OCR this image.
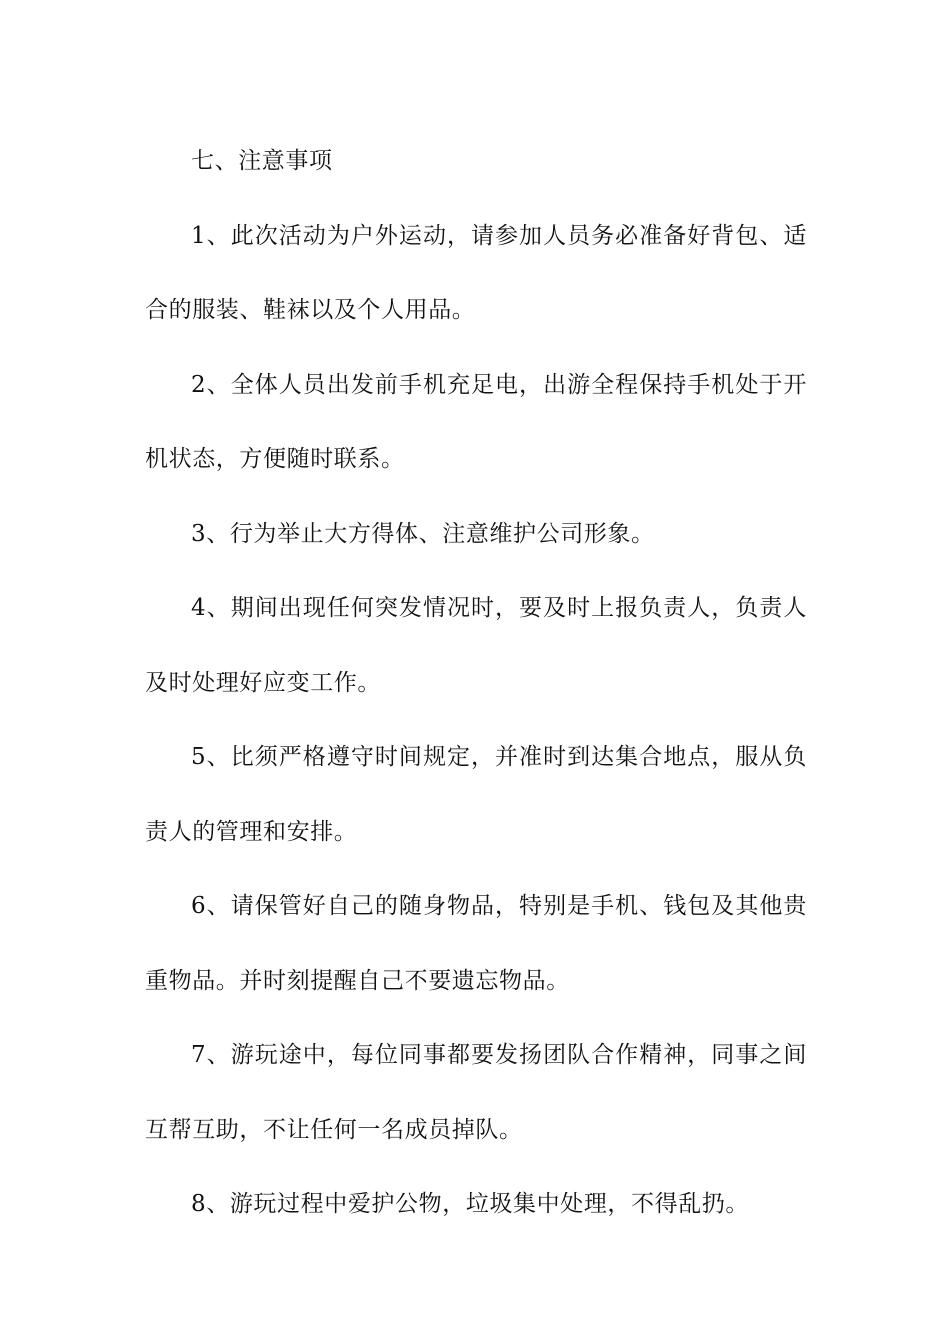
七、注意事项

1、此次活动为户外运动，请参加人员务必准备好背包、适合的服装、鞋袜以及个人用品。

2、全体人员出发前手机充足电，出游全程保持手机处于开机状态，方便随时联系。

3、行为举止大方得体、注意维护公司形象。

4、期间出现任何突发情况时，要及时上报负责人，负责人及时处理好应变工作。

5、比须严格遵守时间规定，并准时到达集合地点，服从负责人的管理和安排。

6、请保管好自己的随身物品，特别是手机、钱包及其他贵重物品。并时刻提醒自己不要遗忘物品。

7、游玩途中，每位同事都要发扬团队合作精神，同事之间互帮互助，不让任何一名成员掉队。

8、游玩过程中爱护公物，垃圾集中处理，不得乱扔。
